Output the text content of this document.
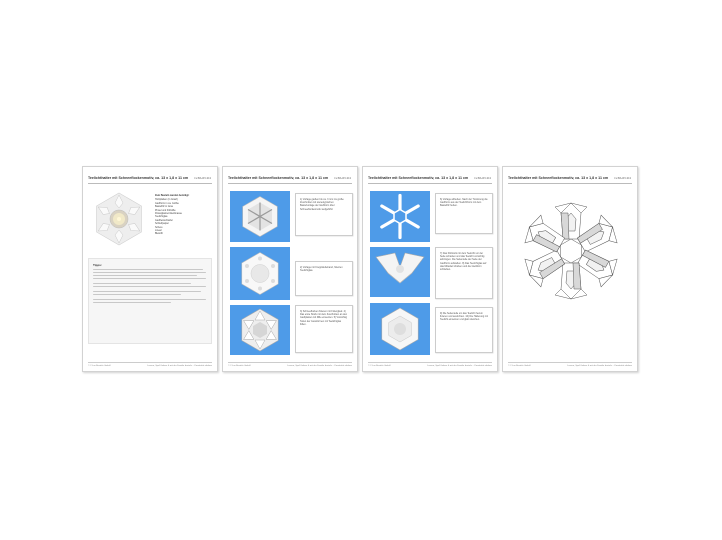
Teelichthalter mit Schneeflockenmotiv, ca. 13 x 1,8 x 11 cm LV-BA-RV-313
Zum Basteln werden benötigt:
Holzplatten (in Grauf)
Gießform in ca. Größe
Bastelfilz in Grau
Pinsel und Filzstifte
Flüssigkleber/Gießmasse
Teelichtglas
Gießfeinschleifer
Schleifpapier
Schere
Lineal
Bleistift
Tipps:
© 2 Lux Basteln GmbH	Lernen, Spaß haben & mit der Familie basteln – Kreativität erleben
Teelichthalter mit Schneeflockenmotiv, ca. 13 x 1,8 x 11 cm LV-BA-RV-313
1) Vorlage gießen bis ca. 3 mm ins große Zuschnitten mit stereotypischen Bastelvorlage der Gießform über Schneeflockenmotiv aufgeführt
2) Vorlage mit Kreppklebeband, fixierten Teelichtglas.
3) Schneeflocken fixieren mit Fixierglied. 4) Das erste Stück mit dem Zuschnitten an den Gießplatten mit Rille einsetzen. 5) Vorsichtig Teilen der Gussformen mit Teelichtglas füllen.
© 2 Lux Basteln GmbH	Lernen, Spaß haben & mit der Familie basteln – Kreativität erleben
Teelichthalter mit Schneeflockenmotiv, ca. 13 x 1,8 x 11 cm LV-BA-RV-313
6) Vorlage abheben. Nach der Trocknung die Gießform aus der Teelichtform mit dem Bastelfilz heben.
7) Das Filzstück mit dem Teelicht vor der Seite schieben und das Teelicht vorsichtig anbringen. Die Seitenteile der Seite der Gießform aufstellen. 8) Das Teelichtglas auf das Mittelteil drücken und die Gießform schließen.
9) Die Seitenteile um das Teelicht herum fixieren und ausrichten. 10) Die Halterung mit Teelicht einsetzen und glatt streichen.
© 2 Lux Basteln GmbH	Lernen, Spaß haben & mit der Familie basteln – Kreativität erleben
Teelichthalter mit Schneeflockenmotiv, ca. 13 x 1,8 x 11 cm LV-BA-RV-313
© 2 Lux Basteln GmbH	Lernen, Spaß haben & mit der Familie basteln – Kreativität erleben
